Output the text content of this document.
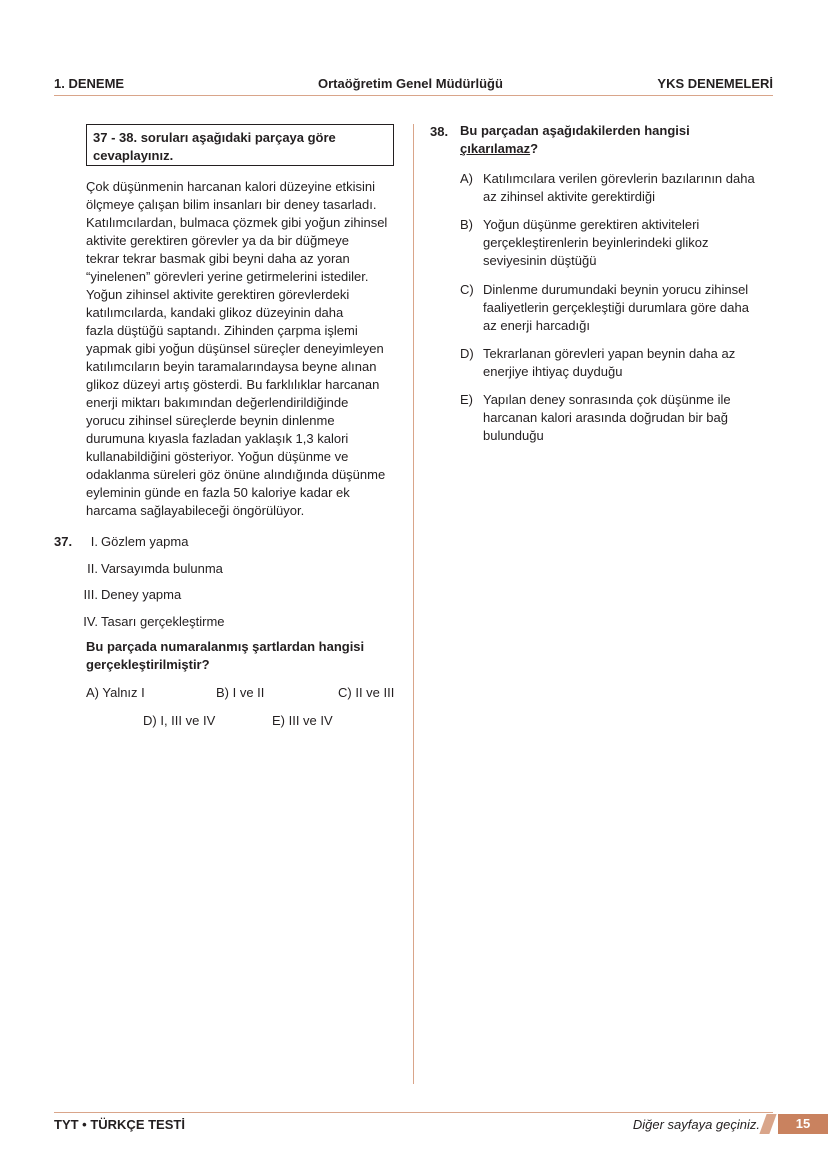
1. DENEME	Ortaöğretim Genel Müdürlüğü	YKS DENEMELERİ
37 - 38. soruları aşağıdaki parçaya göre
cevaplayınız.
Çok düşünmenin harcanan kalori düzeyine etkisini
ölçmeye çalışan bilim insanları bir deney tasarladı.
Katılımcılardan, bulmaca çözmek gibi yoğun zihinsel
aktivite gerektiren görevler ya da bir düğmeye
tekrar tekrar basmak gibi beyni daha az yoran
“yinelenen” görevleri yerine getirmelerini istediler.
Yoğun zihinsel aktivite gerektiren görevlerdeki
katılımcılarda, kandaki glikoz düzeyinin daha
fazla düştüğü saptandı. Zihinden çarpma işlemi
yapmak gibi yoğun düşünsel süreçler deneyimleyen
katılımcıların beyin taramalarındaysa beyne alınan
glikoz düzeyi artış gösterdi. Bu farklılıklar harcanan
enerji miktarı bakımından değerlendirildiğinde
yorucu zihinsel süreçlerde beynin dinlenme
durumuna kıyasla fazladan yaklaşık 1,3 kalori
kullanabildiğini gösteriyor. Yoğun düşünme ve
odaklanma süreleri göz önüne alındığında düşünme
eyleminin günde en fazla 50 kaloriye kadar ek
harcama sağlayabileceği öngörülüyor.
37.	I. Gözlem yapma
II. Varsayımda bulunma
III. Deney yapma
IV. Tasarı gerçekleştirme
Bu parçada numaralanmış şartlardan hangisi
gerçekleştirilmiştir?
A) Yalnız I	B) I ve II	C) II ve III
D) I, III ve IV	E) III ve IV
38. Bu parçadan aşağıdakilerden hangisi
çıkarılamaz?
A) Katılımcılara verilen görevlerin bazılarının daha
az zihinsel aktivite gerektirdiği
B) Yoğun düşünme gerektiren aktiviteleri
gerçekleştirenlerin beyinlerindeki glikoz
seviyesinin düştüğü
C) Dinlenme durumundaki beynin yorucu zihinsel
faaliyetlerin gerçekleştiği durumlara göre daha
az enerji harcadığı
D) Tekrarlanan görevleri yapan beynin daha az
enerjiye ihtiyaç duyduğu
E) Yapılan deney sonrasında çok düşünme ile
harcanan kalori arasında doğrudan bir bağ
bulunduğu
TYT • TÜRKÇE TESTİ	Diğer sayfaya geçiniz.	15
